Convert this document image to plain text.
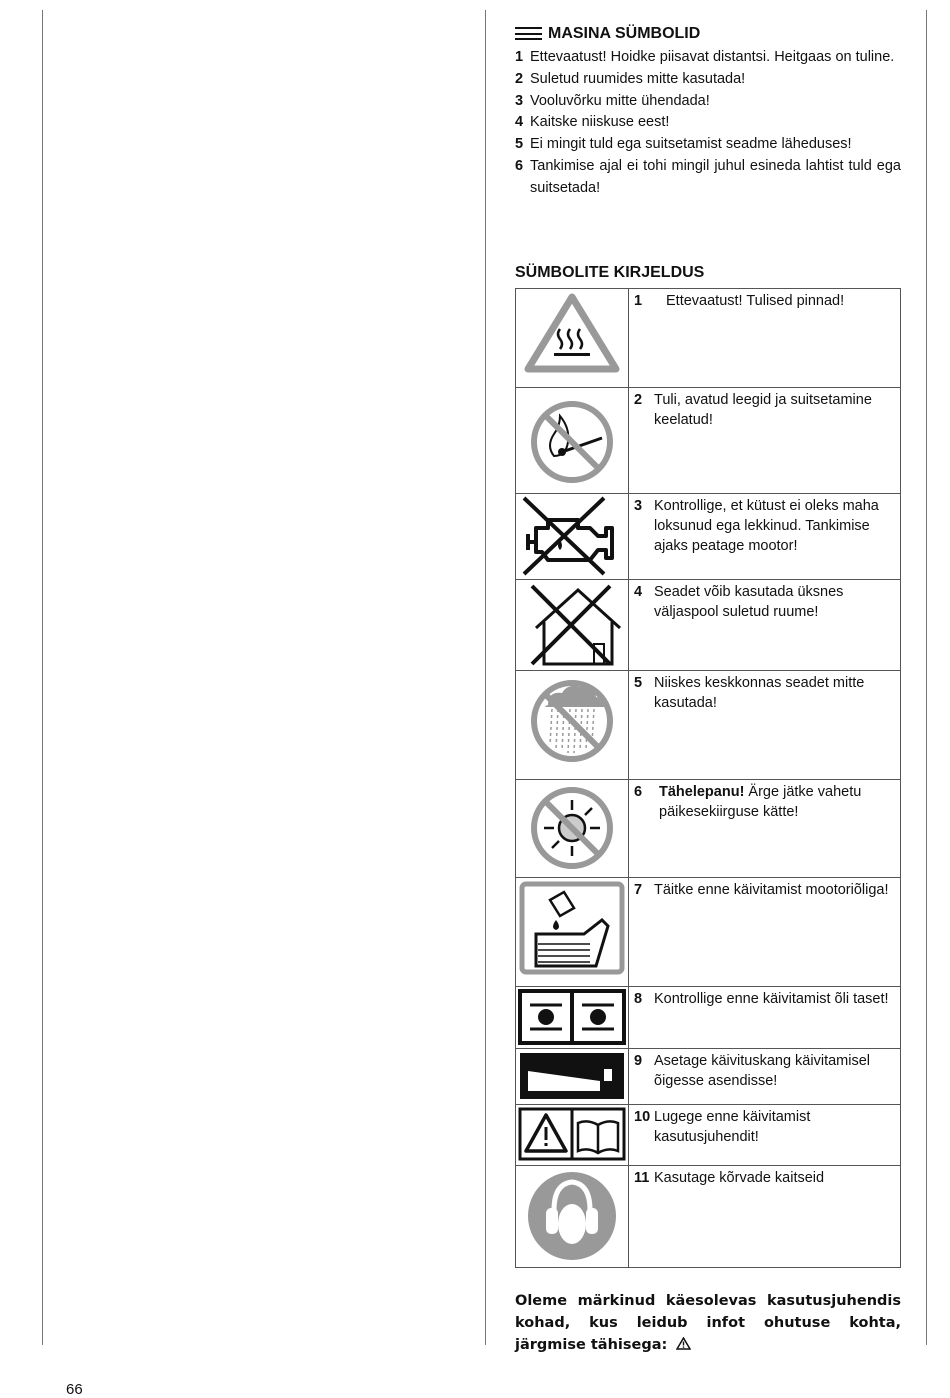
MASINA SÜMBOLID
1 Ettevaatust! Hoidke piisavat distantsi. Heitgaas on tuline.
2 Suletud ruumides mitte kasutada!
3 Vooluvõrku mitte ühendada!
4 Kaitske niiskuse eest!
5 Ei mingit tuld ega suitsetamist seadme läheduses!
6 Tankimise ajal ei tohi mingil juhul esineda lahtist tuld ega suitsetada!
SÜMBOLITE KIRJELDUS

1 Ettevaatust! Tulised pinnad!

2 Tuli, avatud leegid ja suitsetamine keelatud!

3 Kontrollige, et kütust ei oleks maha loksunud ega lekkinud. Tankimise ajaks peatage mootor!

4 Seadet võib kasutada üksnes väljaspool suletud ruume!

5 Niiskes keskkonnas seadet mitte kasutada!

6 Tähelepanu! Ärge jätke vahetu päikesekiirguse kätte!

7 Täitke enne käivitamist mootoriõliga!

8 Kontrollige enne käivitamist õli taset!

9 Asetage käivituskang käivitamisel õigesse asendisse!

10 Lugege enne käivitamist kasutusjuhendit!

11 Kasutage kõrvade kaitseid
Oleme märkinud käesolevas kasutusjuhendis kohad, kus leidub infot ohutuse kohta, järgmise tähisega:
66
